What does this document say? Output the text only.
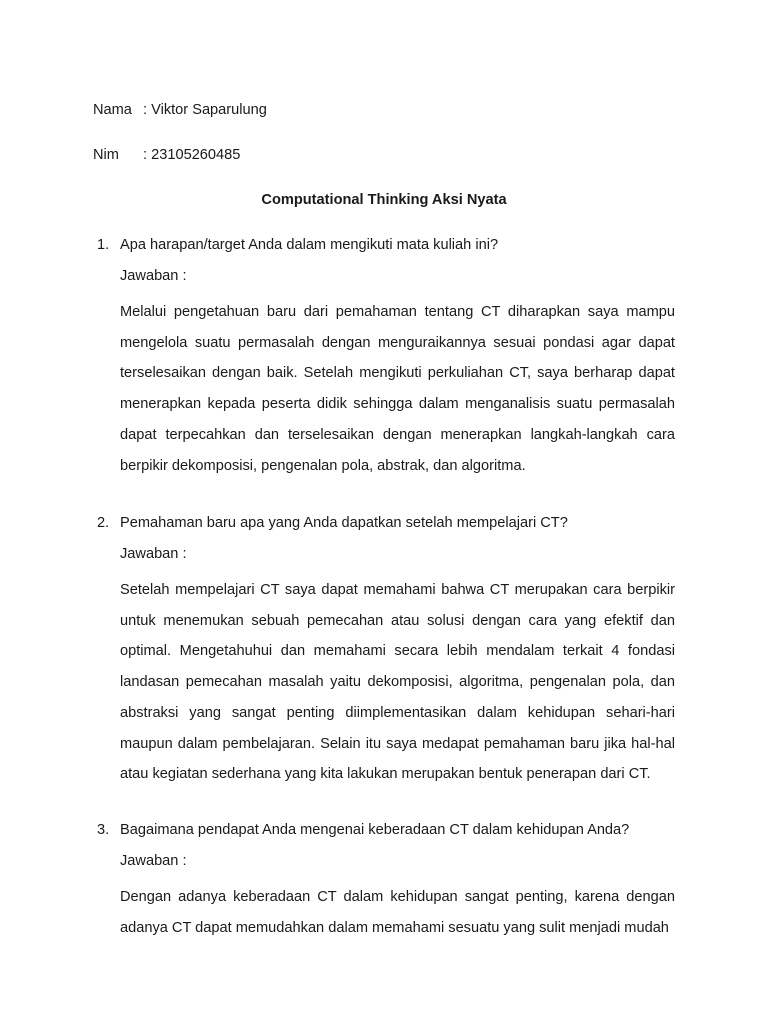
Nama : Viktor Saparulung
Nim	: 23105260485
Computational Thinking Aksi Nyata
1. Apa harapan/target Anda dalam mengikuti mata kuliah ini?
Jawaban :
Melalui pengetahuan baru dari pemahaman tentang CT diharapkan saya mampu mengelola suatu permasalah dengan menguraikannya sesuai pondasi agar dapat terselesaikan dengan baik. Setelah mengikuti perkuliahan CT, saya berharap dapat menerapkan kepada peserta didik sehingga dalam menganalisis suatu permasalah dapat terpecahkan dan terselesaikan dengan menerapkan langkah-langkah cara berpikir dekomposisi, pengenalan pola, abstrak, dan algoritma.
2. Pemahaman baru apa yang Anda dapatkan setelah mempelajari CT?
Jawaban :
Setelah mempelajari CT saya dapat memahami bahwa CT merupakan cara berpikir untuk menemukan sebuah pemecahan atau solusi dengan cara yang efektif dan optimal. Mengetahuhui dan memahami secara lebih mendalam terkait 4 fondasi landasan pemecahan masalah yaitu dekomposisi, algoritma, pengenalan pola, dan abstraksi yang sangat penting diimplementasikan dalam kehidupan sehari-hari maupun dalam pembelajaran. Selain itu saya medapat pemahaman baru jika hal-hal atau kegiatan sederhana yang kita lakukan merupakan bentuk penerapan dari CT.
3. Bagaimana pendapat Anda mengenai keberadaan CT dalam kehidupan Anda?
Jawaban :
Dengan adanya keberadaan CT dalam kehidupan sangat penting, karena dengan adanya CT dapat memudahkan dalam memahami sesuatu yang sulit menjadi mudah
